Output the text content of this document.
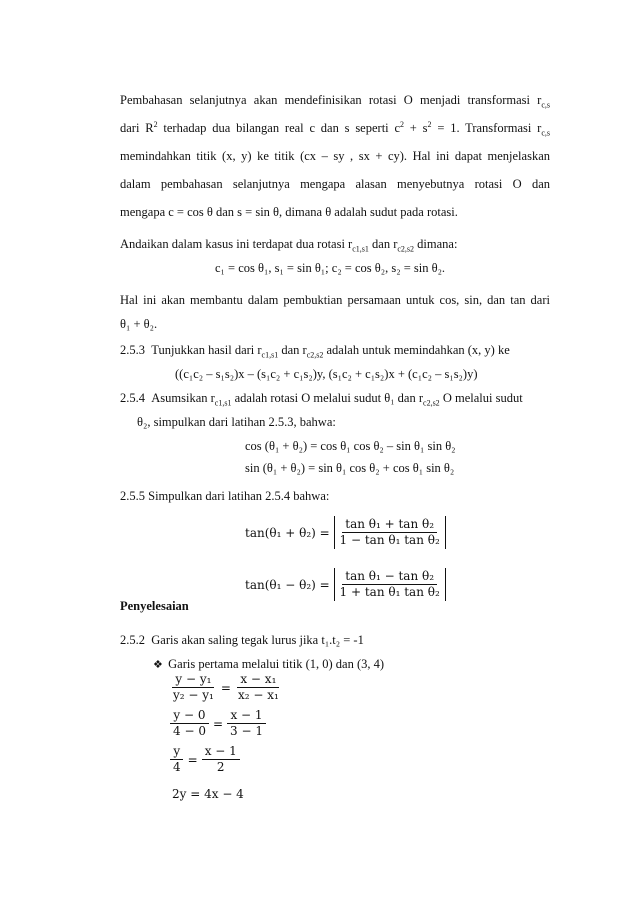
Pembahasan selanjutnya akan mendefinisikan rotasi O menjadi transformasi $r_{c,s}$
dari $R^2$ terhadap dua bilangan real c dan s seperti $c^2 + s^2 = 1$. Transformasi $r_{c,s}$
memindahkan titik (x, y) ke titik (cx – sy , sx + cy). Hal ini dapat menjelaskan
dalam pembahasan selanjutnya mengapa alasan menyebutnya rotasi O dan
mengapa c = cos θ dan s = sin θ, dimana θ adalah sudut pada rotasi.
Andaikan dalam kasus ini terdapat dua rotasi $r_{c1,s1}$ dan $r_{c2,s2}$ dimana:
c₁ = cos θ₁, s₁ = sin θ₁; c₂ = cos θ₂, s₂ = sin θ₂.
Hal ini akan membantu dalam pembuktian persamaan untuk cos, sin, dan tan dari
θ₁ + θ₂.
2.5.3 Tunjukkan hasil dari $r_{c1,s1}$ dan $r_{c2,s2}$ adalah untuk memindahkan (x, y) ke
((c₁c₂ – s₁s₂)x – (s₁c₂ + c₁s₂)y, (s₁c₂ + c₁s₂)x + (c₁c₂ – s₁s₂)y)
2.5.4 Asumsikan $r_{c1,s1}$ adalah rotasi O melalui sudut θ₁ dan $r_{c2,s2}$ O melalui sudut
θ₂, simpulkan dari latihan 2.5.3, bahwa:
cos (θ₁ + θ₂) = cos θ₁ cos θ₂ – sin θ₁ sin θ₂
sin (θ₁ + θ₂) = sin θ₁ cos θ₂ + cos θ₁ sin θ₂
2.5.5 Simpulkan dari latihan 2.5.4 bahwa:
tan(θ₁ + θ₂) =
$\frac{\text{tan θ₁ + tan θ₂}}{\text{1 − tan θ₁ tan θ₂}}$
tan(θ₁ − θ₂) =
$\frac{\text{tan θ₁ − tan θ₂}}{\text{1 + tan θ₁ tan θ₂}}$
Penyelesaian
2.5.2 Garis akan saling tegak lurus jika t₁.t₂ = -1
❖ Garis pertama melalui titik (1, 0) dan (3, 4)
$\frac{\text{y − y₁}}{\text{y₂ − y₁}} = \frac{\text{x − x₁}}{\text{x₂ − x₁}}$
$\frac{y - 0}{4 - 0} = \frac{x - 1}{3 - 1}$
$\frac{y}{4} = \frac{x - 1}{2}$
2y = 4x − 4
